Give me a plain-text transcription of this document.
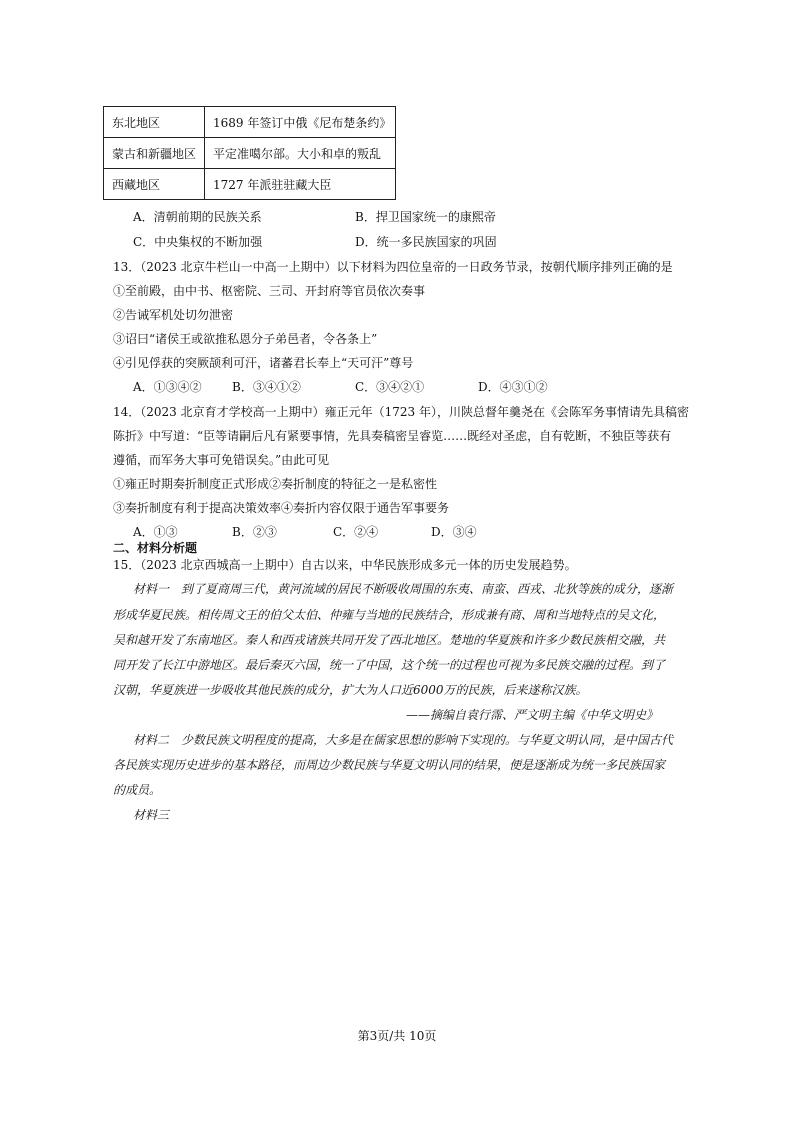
东北地区	1689 年签订中俄《尼布楚条约》
蒙古和新疆地区	平定准噶尔部。大小和卓的叛乱
西藏地区	1727 年派驻驻藏大臣
A．清朝前期的民族关系	B．捍卫国家统一的康熙帝
C．中央集权的不断加强	D．统一多民族国家的巩固
13．（2023 北京牛栏山一中高一上期中）以下材料为四位皇帝的一日政务节录，按朝代顺序排列正确的是
①至前殿，由中书、枢密院、三司、开封府等官员依次奏事
②告诫军机处切勿泄密
③诏曰“诸侯王或欲推私恩分子弟邑者，令各条上”
④引见俘获的突厥颉利可汗，诸蕃君长奉上“天可汗”尊号
A．①③④②	B．③④①②	C．③④②①	D．④③①②
14．（2023 北京育才学校高一上期中）雍正元年（1723 年），川陕总督年羹尧在《会陈军务事情请先具稿密
陈折》中写道：“臣等请嗣后凡有紧要事情，先具奏稿密呈睿览……既经对圣虑，自有乾断，不独臣等获有
遵循，而军务大事可免错误矣。”由此可见
①雍正时期奏折制度正式形成②奏折制度的特征之一是私密性
③奏折制度有利于提高决策效率④奏折内容仅限于通告军事要务
A．①③	B．②③	C．②④	D．③④
二、材料分析题
15．（2023 北京西城高一上期中）自古以来，中华民族形成多元一体的历史发展趋势。
材料一　到了夏商周三代，黄河流域的居民不断吸收周围的东夷、南蛮、西戎、北狄等族的成分，逐渐
形成华夏民族。相传周文王的伯父太伯、仲雍与当地的民族结合，形成兼有商、周和当地特点的吴文化，
吴和越开发了东南地区。秦人和西戎诸族共同开发了西北地区。楚地的华夏族和许多少数民族相交融，共
同开发了长江中游地区。最后秦灭六国，统一了中国，这个统一的过程也可视为多民族交融的过程。到了
汉朝，华夏族进一步吸收其他民族的成分，扩大为人口近6000万的民族，后来遂称汉族。
——摘编自袁行霈、严文明主编《中华文明史》
材料二　少数民族文明程度的提高，大多是在儒家思想的影响下实现的。与华夏文明认同，是中国古代
各民族实现历史进步的基本路径，而周边少数民族与华夏文明认同的结果，便是逐渐成为统一多民族国家
的成员。
材料三
第3页/共 10页
